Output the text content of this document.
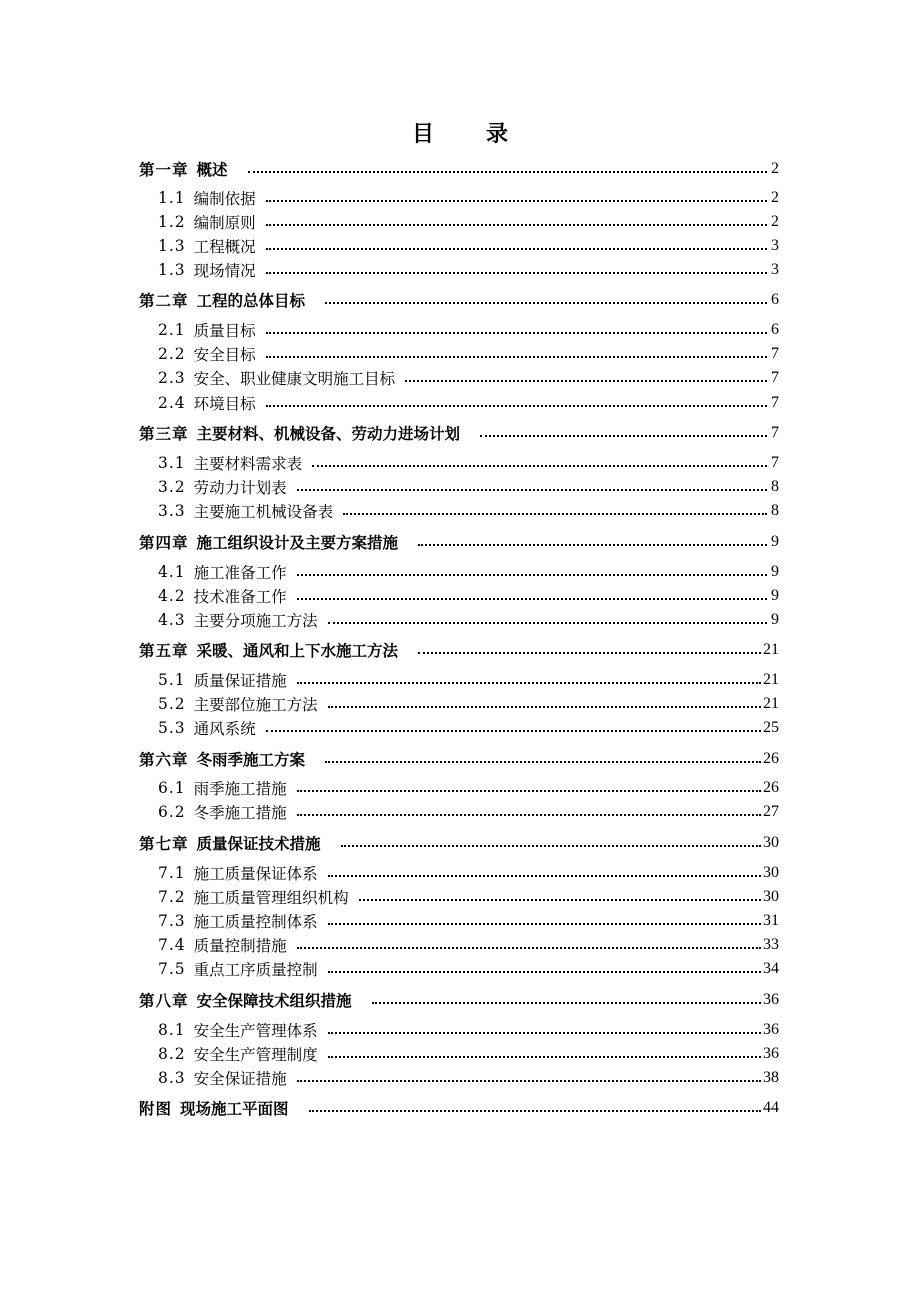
目 录
第一章 概述	2
1.1 编制依据	2
1.2 编制原则	2
1.3 工程概况	3
1.3 现场情况	3
第二章 工程的总体目标	6
2.1 质量目标	6
2.2 安全目标	7
2.3 安全、职业健康文明施工目标	7
2.4 环境目标	7
第三章 主要材料、机械设备、劳动力进场计划	7
3.1 主要材料需求表	7
3.2 劳动力计划表	8
3.3 主要施工机械设备表	8
第四章 施工组织设计及主要方案措施	9
4.1 施工准备工作	9
4.2 技术准备工作	9
4.3 主要分项施工方法	9
第五章 采暖、通风和上下水施工方法	21
5.1 质量保证措施	21
5.2 主要部位施工方法	21
5.3 通风系统	25
第六章 冬雨季施工方案	26
6.1 雨季施工措施	26
6.2 冬季施工措施	27
第七章 质量保证技术措施	30
7.1 施工质量保证体系	30
7.2 施工质量管理组织机构	30
7.3 施工质量控制体系	31
7.4 质量控制措施	33
7.5 重点工序质量控制	34
第八章 安全保障技术组织措施	36
8.1 安全生产管理体系	36
8.2 安全生产管理制度	36
8.3 安全保证措施	38
附图 现场施工平面图	44
